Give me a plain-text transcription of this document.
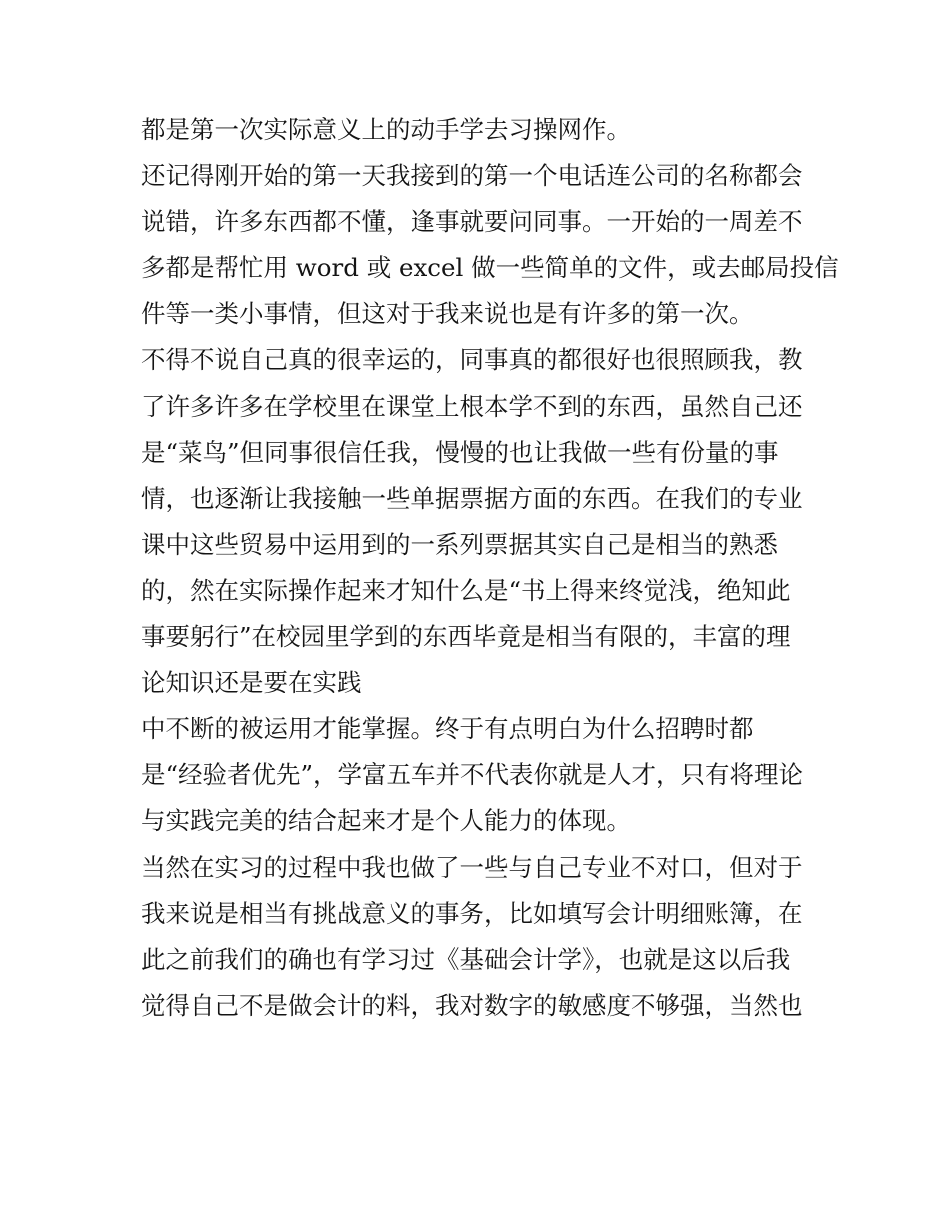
都是第一次实际意义上的动手学去习操网作。
还记得刚开始的第一天我接到的第一个电话连公司的名称都会
说错，许多东西都不懂，逢事就要问同事。一开始的一周差不
多都是帮忙用 word 或 excel 做一些简单的文件，或去邮局投信
件等一类小事情，但这对于我来说也是有许多的第一次。
不得不说自己真的很幸运的，同事真的都很好也很照顾我，教
了许多许多在学校里在课堂上根本学不到的东西，虽然自己还
是“菜鸟”但同事很信任我，慢慢的也让我做一些有份量的事
情，也逐渐让我接触一些单据票据方面的东西。在我们的专业
课中这些贸易中运用到的一系列票据其实自己是相当的熟悉
的，然在实际操作起来才知什么是“书上得来终觉浅，绝知此
事要躬行”在校园里学到的东西毕竟是相当有限的，丰富的理
论知识还是要在实践
中不断的被运用才能掌握。终于有点明白为什么招聘时都
是“经验者优先”，学富五车并不代表你就是人才，只有将理论
与实践完美的结合起来才是个人能力的体现。
当然在实习的过程中我也做了一些与自己专业不对口，但对于
我来说是相当有挑战意义的事务，比如填写会计明细账簿，在
此之前我们的确也有学习过《基础会计学》，也就是这以后我
觉得自己不是做会计的料，我对数字的敏感度不够强，当然也
